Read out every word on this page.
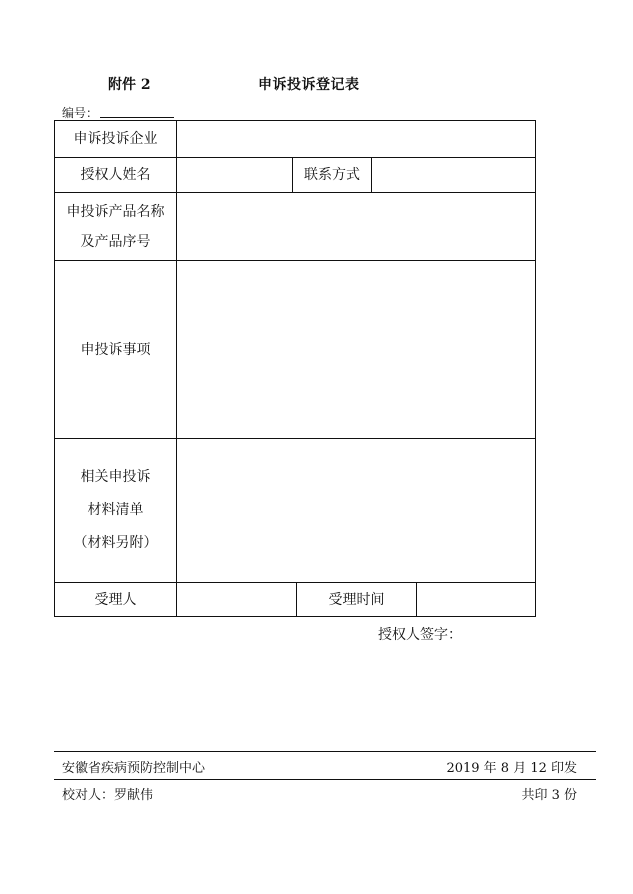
附件 2	申诉投诉登记表
编号：
申诉投诉企业					
授权人姓名		联系方式			

申投诉产品名称
及产品序号					

申投诉事项					

相关申投诉
材料清单
（材料另附）					

受理人			受理时间		
授权人签字：
安徽省疾病预防控制中心	2019 年 8 月 12 印发
校对人：罗献伟	共印 3 份
